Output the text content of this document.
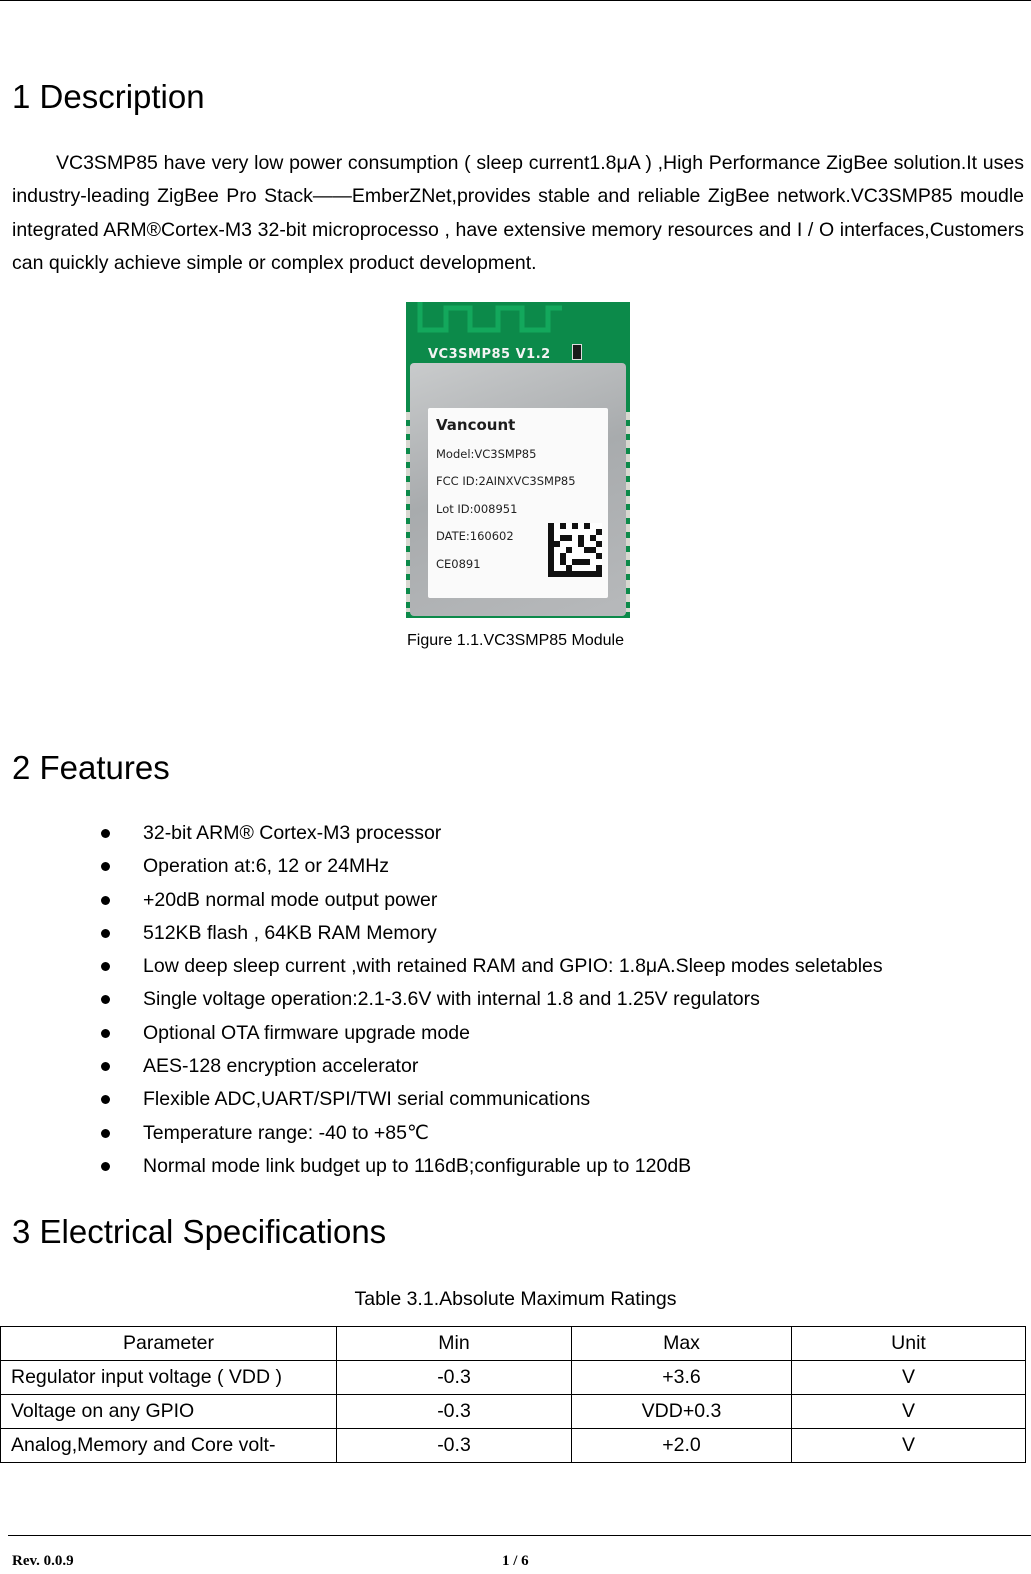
1 Description

VC3SMP85 have very low power consumption ( sleep current1.8μA ) ,High Performance ZigBee solution.It uses industry-leading ZigBee Pro Stack——EmberZNet,provides stable and reliable ZigBee network.VC3SMP85 moudle integrated ARM®Cortex-M3 32-bit microprocesso , have extensive memory resources and I / O interfaces,Customers can quickly achieve simple or complex product development.

VC3SMP85 V1.2
Vancount
Model:VC3SMP85
FCC ID:2AINXVC3SMP85
Lot ID:008951
DATE:160602
CE0891
Figure 1.1.VC3SMP85 Module
2 Features
32-bit ARM® Cortex-M3 processor
Operation at:6, 12 or 24MHz
+20dB normal mode output power
512KB flash , 64KB RAM Memory
Low deep sleep current ,with retained RAM and GPIO: 1.8μA.Sleep modes seletables
Single voltage operation:2.1-3.6V with internal 1.8 and 1.25V regulators
Optional OTA firmware upgrade mode
AES-128 encryption accelerator
Flexible ADC,UART/SPI/TWI serial communications
Temperature range: -40 to +85℃
Normal mode link budget up to 116dB;configurable up to 120dB
3 Electrical Specifications
Table 3.1.Absolute Maximum Ratings
Parameter	Min	Max	Unit
Regulator input voltage ( VDD )	-0.3	+3.6	V
Voltage on any GPIO	-0.3	VDD+0.3	V
Analog,Memory and Core volt-	-0.3	+2.0	V
Rev. 0.0.9	1 / 6
